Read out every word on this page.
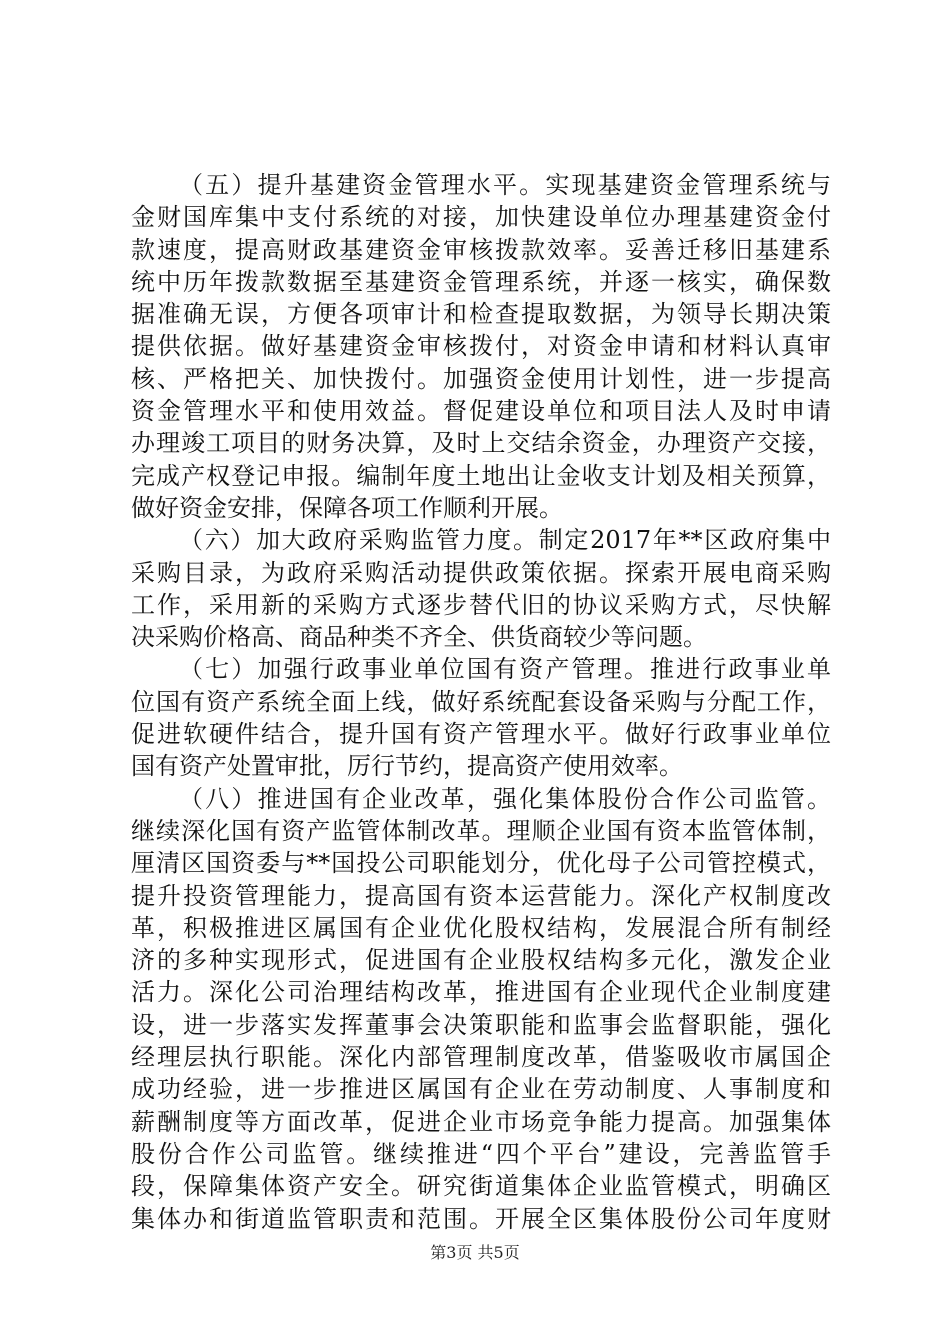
（五）提升基建资金管理水平。实现基建资金管理系统与
金财国库集中支付系统的对接，加快建设单位办理基建资金付
款速度，提高财政基建资金审核拨款效率。妥善迁移旧基建系
统中历年拨款数据至基建资金管理系统，并逐一核实，确保数
据准确无误，方便各项审计和检查提取数据，为领导长期决策
提供依据。做好基建资金审核拨付，对资金申请和材料认真审
核、严格把关、加快拨付。加强资金使用计划性，进一步提高
资金管理水平和使用效益。督促建设单位和项目法人及时申请
办理竣工项目的财务决算，及时上交结余资金，办理资产交接，
完成产权登记申报。编制年度土地出让金收支计划及相关预算，
做好资金安排，保障各项工作顺利开展。
（六）加大政府采购监管力度。制定2017年**区政府集中
采购目录，为政府采购活动提供政策依据。探索开展电商采购
工作，采用新的采购方式逐步替代旧的协议采购方式，尽快解
决采购价格高、商品种类不齐全、供货商较少等问题。
（七）加强行政事业单位国有资产管理。推进行政事业单
位国有资产系统全面上线，做好系统配套设备采购与分配工作，
促进软硬件结合，提升国有资产管理水平。做好行政事业单位
国有资产处置审批，厉行节约，提高资产使用效率。
（八）推进国有企业改革，强化集体股份合作公司监管。
继续深化国有资产监管体制改革。理顺企业国有资本监管体制，
厘清区国资委与**国投公司职能划分，优化母子公司管控模式，
提升投资管理能力，提高国有资本运营能力。深化产权制度改
革，积极推进区属国有企业优化股权结构，发展混合所有制经
济的多种实现形式，促进国有企业股权结构多元化，激发企业
活力。深化公司治理结构改革，推进国有企业现代企业制度建
设，进一步落实发挥董事会决策职能和监事会监督职能，强化
经理层执行职能。深化内部管理制度改革，借鉴吸收市属国企
成功经验，进一步推进区属国有企业在劳动制度、人事制度和
薪酬制度等方面改革，促进企业市场竞争能力提高。加强集体
股份合作公司监管。继续推进“四个平台”建设，完善监管手
段，保障集体资产安全。研究街道集体企业监管模式，明确区
集体办和街道监管职责和范围。开展全区集体股份公司年度财
第3页 共5页
